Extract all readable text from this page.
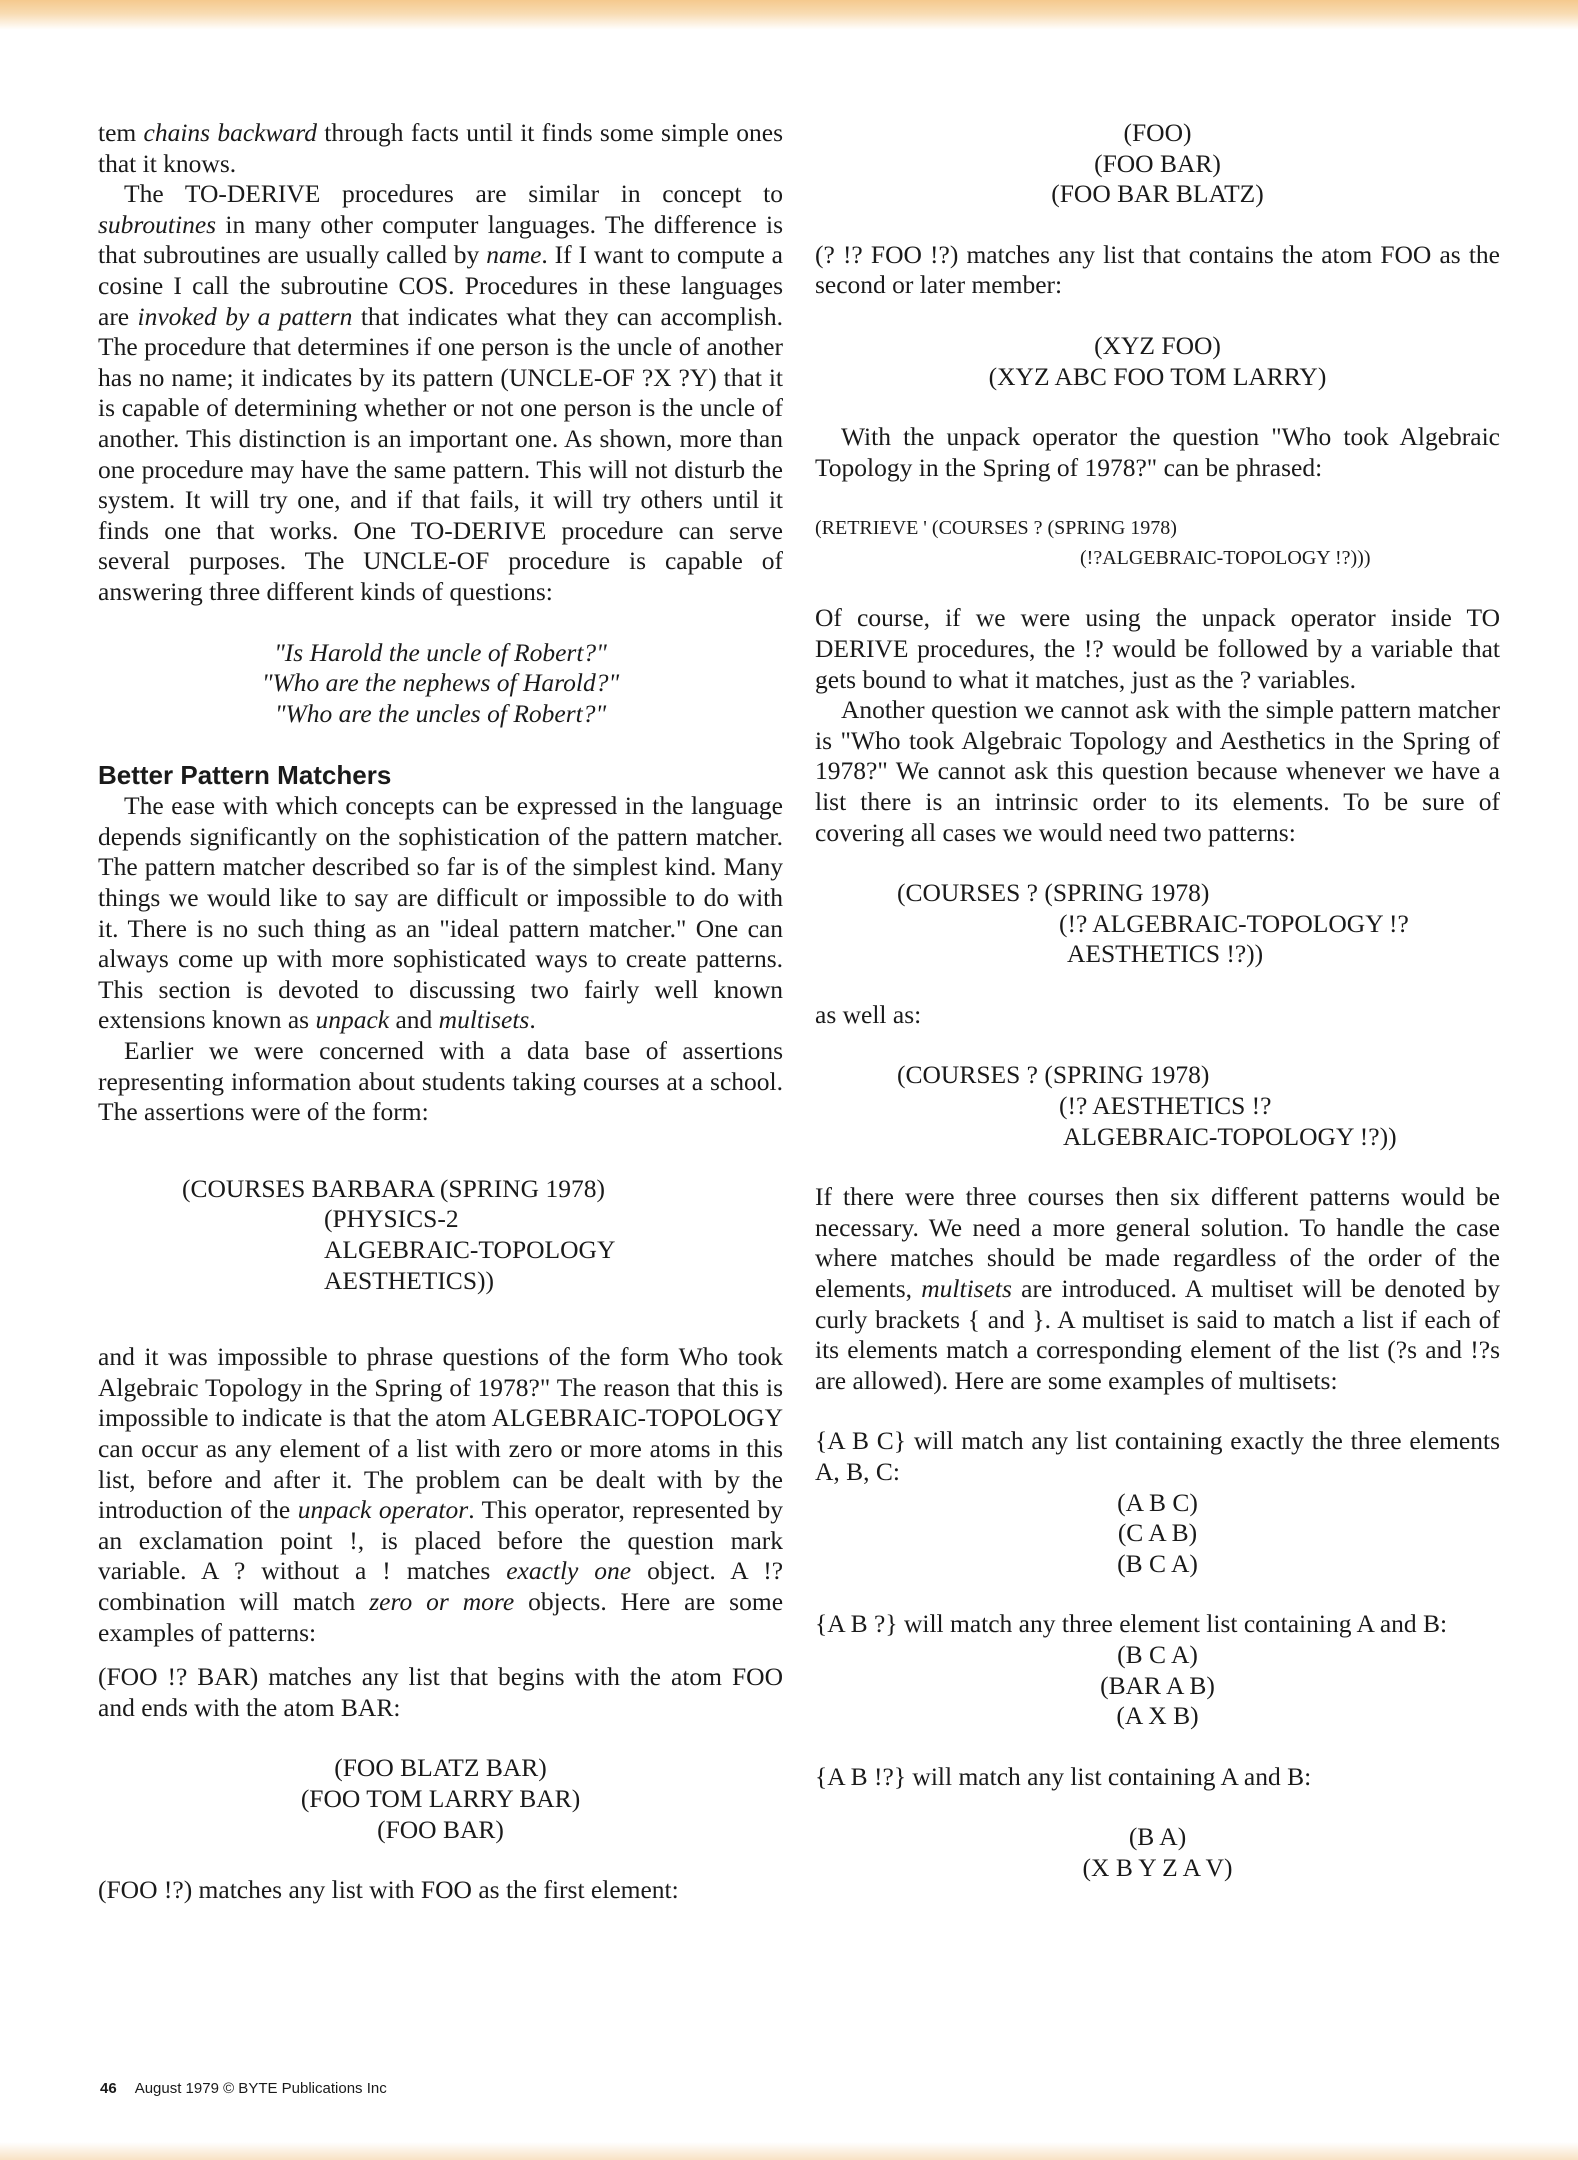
tem chains backward through facts until it finds some simple ones that it knows.

The TO-DERIVE procedures are similar in concept to subroutines in many other computer languages. The difference is that subroutines are usually called by name. If I want to compute a cosine I call the subroutine COS. Procedures in these languages are invoked by a pattern that indicates what they can accomplish. The procedure that determines if one person is the uncle of another has no name; it indicates by its pattern (UNCLE-OF ?X ?Y) that it is capable of determining whether or not one person is the uncle of another. This distinction is an important one. As shown, more than one procedure may have the same pattern. This will not disturb the system. It will try one, and if that fails, it will try others until it finds one that works. One TO-DERIVE procedure can serve several purposes. The UNCLE-OF procedure is capable of answering three different kinds of questions:

"Is Harold the uncle of Robert?"
"Who are the nephews of Harold?"
"Who are the uncles of Robert?"
Better Pattern Matchers

The ease with which concepts can be expressed in the language depends significantly on the sophistication of the pattern matcher. The pattern matcher described so far is of the simplest kind. Many things we would like to say are difficult or impossible to do with it. There is no such thing as an "ideal pattern matcher." One can always come up with more sophisticated ways to create patterns. This section is devoted to discussing two fairly well known extensions known as unpack and multisets.

Earlier we were concerned with a data base of assertions representing information about students taking courses at a school. The assertions were of the form:

(COURSES BARBARA (SPRING 1978)
(PHYSICS-2
ALGEBRAIC-TOPOLOGY
AESTHETICS))

and it was impossible to phrase questions of the form Who took Algebraic Topology in the Spring of 1978?" The reason that this is impossible to indicate is that the atom ALGEBRAIC-TOPOLOGY can occur as any element of a list with zero or more atoms in this list, before and after it. The problem can be dealt with by the introduction of the unpack operator. This operator, represented by an exclamation point !, is placed before the question mark variable. A ? without a ! matches exactly one object. A !? combination will match zero or more objects. Here are some examples of patterns:

(FOO !? BAR) matches any list that begins with the atom FOO and ends with the atom BAR:

(FOO BLATZ BAR)
(FOO TOM LARRY BAR)
(FOO BAR)

(FOO !?) matches any list with FOO as the first element:

(FOO)
(FOO BAR)
(FOO BAR BLATZ)

(? !? FOO !?) matches any list that contains the atom FOO as the second or later member:

(XYZ FOO)
(XYZ ABC FOO TOM LARRY)

With the unpack operator the question "Who took Algebraic Topology in the Spring of 1978?" can be phrased:

(RETRIEVE ' (COURSES ? (SPRING 1978)
(!?ALGEBRAIC-TOPOLOGY !?)))

Of course, if we were using the unpack operator inside TO DERIVE procedures, the !? would be followed by a variable that gets bound to what it matches, just as the ? variables.

Another question we cannot ask with the simple pattern matcher is "Who took Algebraic Topology and Aesthetics in the Spring of 1978?" We cannot ask this question because whenever we have a list there is an intrinsic order to its elements. To be sure of covering all cases we would need two patterns:

(COURSES ? (SPRING 1978)
(!? ALGEBRAIC-TOPOLOGY !?
AESTHETICS !?))

as well as:

(COURSES ? (SPRING 1978)
(!? AESTHETICS !?
ALGEBRAIC-TOPOLOGY !?))

If there were three courses then six different patterns would be necessary. We need a more general solution. To handle the case where matches should be made regardless of the order of the elements, multisets are introduced. A multiset will be denoted by curly brackets { and }. A multiset is said to match a list if each of its elements match a corresponding element of the list (?s and !?s are allowed). Here are some examples of multisets:

{A B C} will match any list containing exactly the three elements A, B, C:

(A B C)
(C A B)
(B C A)

{A B ?} will match any three element list containing A and B:

(B C A)
(BAR A B)
(A X B)

{A B !?} will match any list containing A and B:

(B A)
(X B Y Z A V)
46 August 1979 © BYTE Publications Inc
